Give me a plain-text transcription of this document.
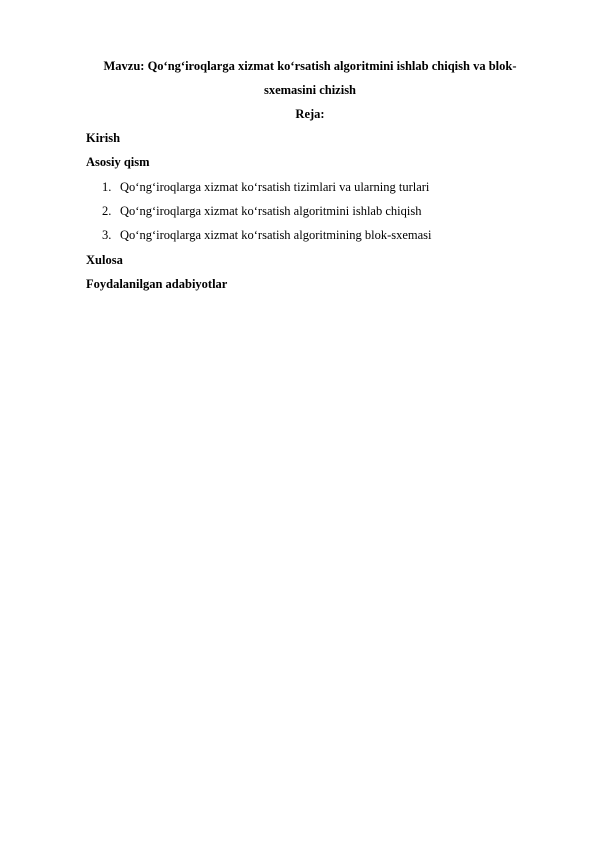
Mavzu: Qo‘ng‘iroqlarga xizmat ko‘rsatish algoritmini ishlab chiqish va blok-

sxemasini chizish

Reja:

Kirish

Asosiy qism

1. Qo‘ng‘iroqlarga xizmat ko‘rsatish tizimlari va ularning turlari
2. Qo‘ng‘iroqlarga xizmat ko‘rsatish algoritmini ishlab chiqish
3. Qo‘ng‘iroqlarga xizmat ko‘rsatish algoritmining blok-sxemasi

Xulosa

Foydalanilgan adabiyotlar
